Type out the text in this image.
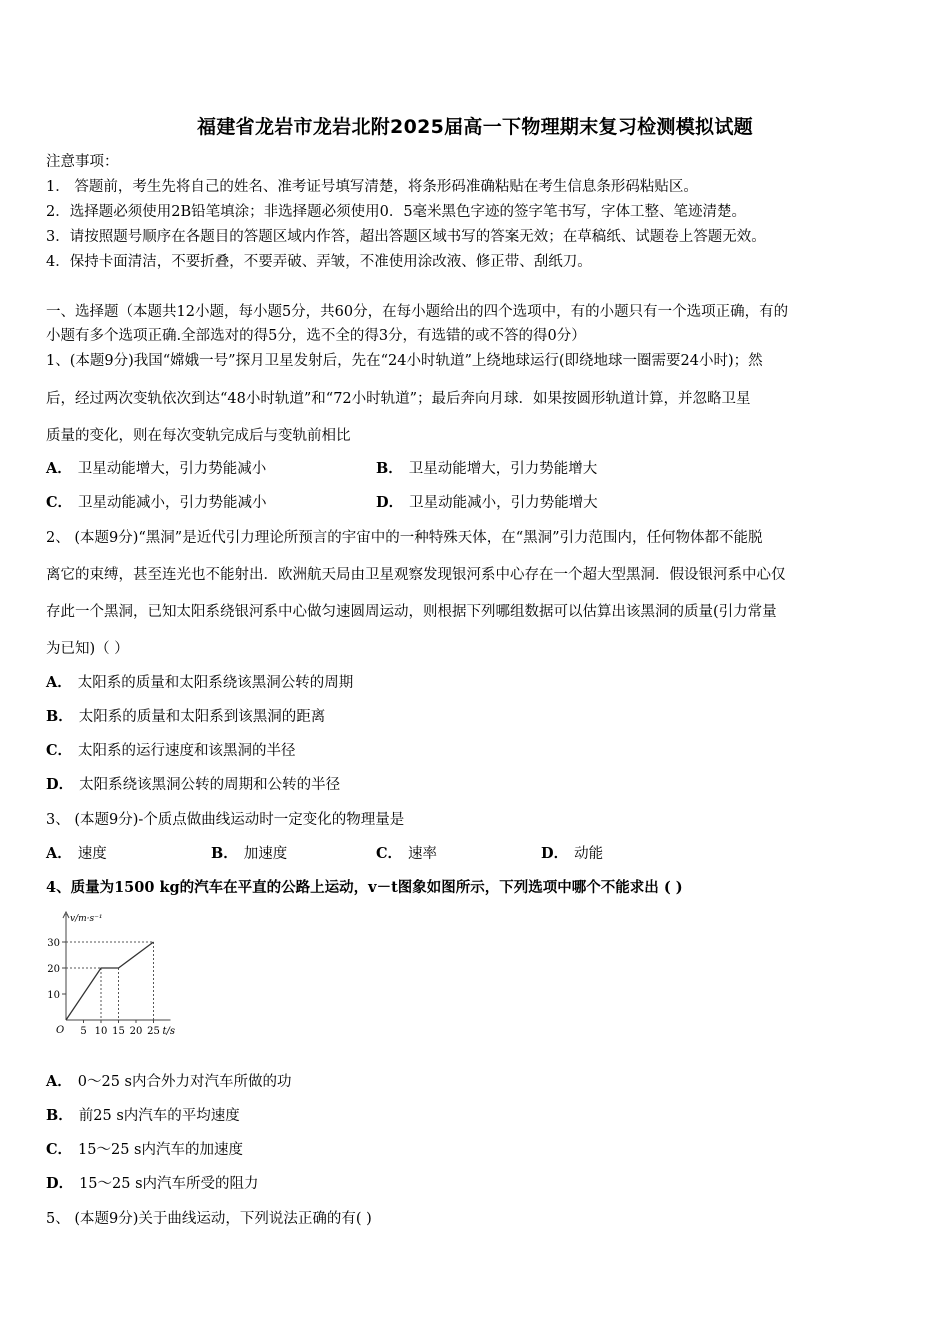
福建省龙岩市龙岩北附2025届高一下物理期末复习检测模拟试题
注意事项：
1． 答题前，考生先将自己的姓名、准考证号填写清楚，将条形码准确粘贴在考生信息条形码粘贴区。
2．选择题必须使用2B铅笔填涂；非选择题必须使用0．5毫米黑色字迹的签字笔书写，字体工整、笔迹清楚。
3．请按照题号顺序在各题目的答题区域内作答，超出答题区域书写的答案无效；在草稿纸、试题卷上答题无效。
4．保持卡面清洁，不要折叠，不要弄破、弄皱，不准使用涂改液、修正带、刮纸刀。
一、选择题（本题共12小题，每小题5分，共60分，在每小题给出的四个选项中，有的小题只有一个选项正确，有的
小题有多个选项正确.全部选对的得5分，选不全的得3分，有选错的或不答的得0分）
1、(本题9分)我国“嫦娥一号”探月卫星发射后，先在“24小时轨道”上绕地球运行(即绕地球一圈需要24小时)；然
后，经过两次变轨依次到达“48小时轨道”和“72小时轨道”；最后奔向月球．如果按圆形轨道计算，并忽略卫星
质量的变化，则在每次变轨完成后与变轨前相比
A． 卫星动能增大，引力势能减小	B． 卫星动能增大，引力势能增大
C． 卫星动能减小，引力势能减小	D． 卫星动能减小，引力势能增大
2、 (本题9分)“黑洞”是近代引力理论所预言的宇宙中的一种特殊天体，在“黑洞”引力范围内，任何物体都不能脱
离它的束缚，甚至连光也不能射出．欧洲航天局由卫星观察发现银河系中心存在一个超大型黑洞．假设银河系中心仅
存此一个黑洞，已知太阳系绕银河系中心做匀速圆周运动，则根据下列哪组数据可以估算出该黑洞的质量(引力常量
为已知)（ ）
A． 太阳系的质量和太阳系绕该黑洞公转的周期
B． 太阳系的质量和太阳系到该黑洞的距离
C． 太阳系的运行速度和该黑洞的半径
D． 太阳系绕该黑洞公转的周期和公转的半径
3、 (本题9分)-个质点做曲线运动时一定变化的物理量是
A． 速度	B． 加速度	C． 速率	D． 动能
4、质量为1500 kg的汽车在平直的公路上运动，v－t图象如图所示，下列选项中哪个不能求出 ( )
v/m·s⁻¹
t/s
O
10
20
30
5 10 15 20 25
A． 0～25 s内合外力对汽车所做的功
B． 前25 s内汽车的平均速度
C． 15～25 s内汽车的加速度
D． 15～25 s内汽车所受的阻力
5、 (本题9分)关于曲线运动，下列说法正确的有( )
